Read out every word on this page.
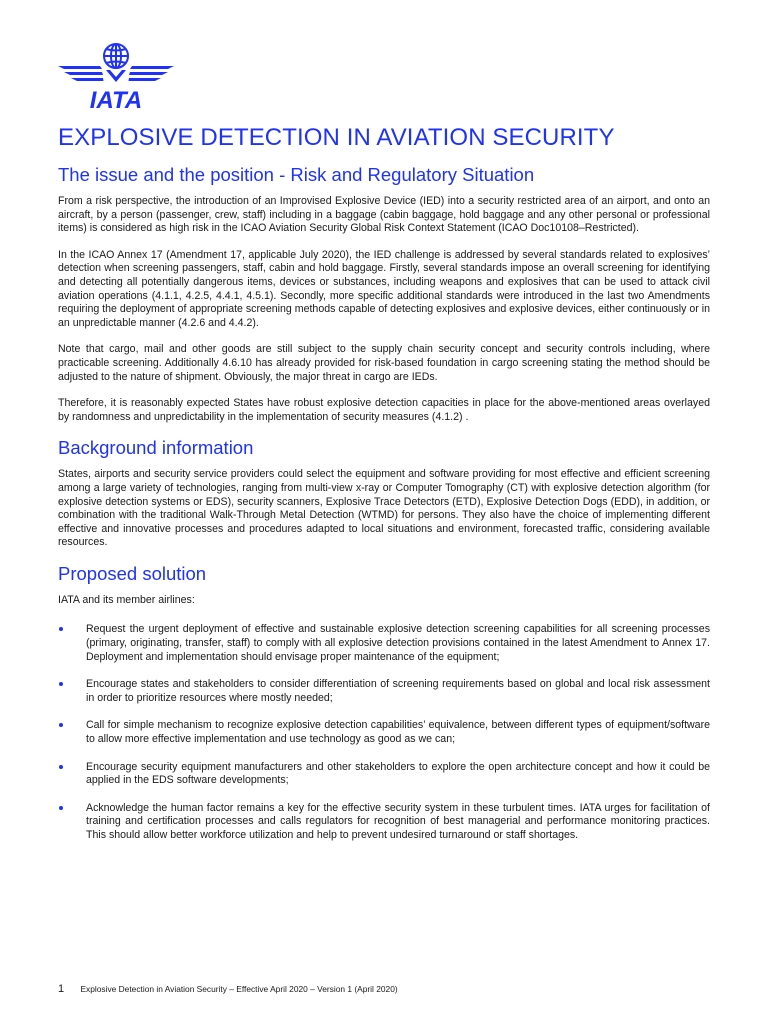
IATA
EXPLOSIVE DETECTION IN AVIATION SECURITY
The issue and the position - Risk and Regulatory Situation

From a risk perspective, the introduction of an Improvised Explosive Device (IED) into a security restricted area of an airport, and onto an aircraft, by a person (passenger, crew, staff) including in a baggage (cabin baggage, hold baggage and any other personal or professional items) is considered as high risk in the ICAO Aviation Security Global Risk Context Statement (ICAO Doc10108–Restricted).

In the ICAO Annex 17 (Amendment 17, applicable July 2020), the IED challenge is addressed by several standards related to explosives’ detection when screening passengers, staff, cabin and hold baggage. Firstly, several standards impose an overall screening for identifying and detecting all potentially dangerous items, devices or substances, including weapons and explosives that can be used to attack civil aviation operations (4.1.1, 4.2.5, 4.4.1, 4.5.1). Secondly, more specific additional standards were introduced in the last two Amendments requiring the deployment of appropriate screening methods capable of detecting explosives and explosive devices, either continuously or in an unpredictable manner (4.2.6 and 4.4.2).

Note that cargo, mail and other goods are still subject to the supply chain security concept and security controls including, where practicable screening. Additionally 4.6.10 has already provided for risk-based foundation in cargo screening stating the method should be adjusted to the nature of shipment. Obviously, the major threat in cargo are IEDs.

Therefore, it is reasonably expected States have robust explosive detection capacities in place for the above-mentioned areas overlayed by randomness and unpredictability in the implementation of security measures (4.1.2) .

Background information

States, airports and security service providers could select the equipment and software providing for most effective and efficient screening among a large variety of technologies, ranging from multi-view x-ray or Computer Tomography (CT) with explosive detection algorithm (for explosive detection systems or EDS), security scanners, Explosive Trace Detectors (ETD), Explosive Detection Dogs (EDD), in addition, or combination with the traditional Walk-Through Metal Detection (WTMD) for persons. They also have the choice of implementing different effective and innovative processes and procedures adapted to local situations and environment, forecasted traffic, considering available resources.

Proposed solution

IATA and its member airlines:

Request the urgent deployment of effective and sustainable explosive detection screening capabilities for all screening processes (primary, originating, transfer, staff) to comply with all explosive detection provisions contained in the latest Amendment to Annex 17. Deployment and implementation should envisage proper maintenance of the equipment;
Encourage states and stakeholders to consider differentiation of screening requirements based on global and local risk assessment in order to prioritize resources where mostly needed;
Call for simple mechanism to recognize explosive detection capabilities’ equivalence, between different types of equipment/software to allow more effective implementation and use technology as good as we can;
Encourage security equipment manufacturers and other stakeholders to explore the open architecture concept and how it could be applied in the EDS software developments;
Acknowledge the human factor remains a key for the effective security system in these turbulent times. IATA urges for facilitation of training and certification processes and calls regulators for recognition of best managerial and performance monitoring practices. This should allow better workforce utilization and help to prevent undesired turnaround or staff shortages.
1 Explosive Detection in Aviation Security – Effective April 2020 – Version 1 (April 2020)
